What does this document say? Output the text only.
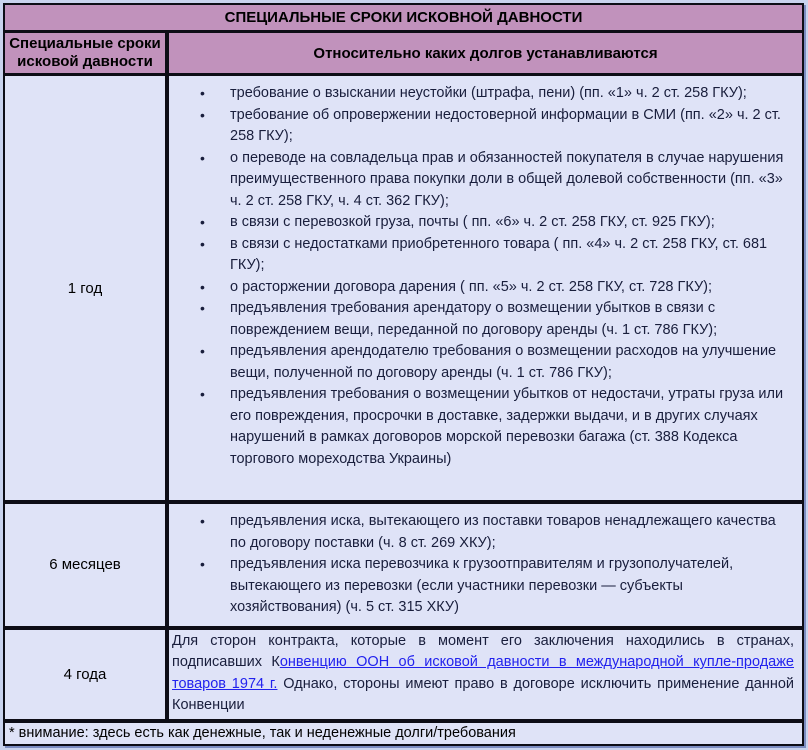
СПЕЦИАЛЬНЫЕ СРОКИ ИСКОВНОЙ ДАВНОСТИ
Специальные сроки исковой давности	Относительно каких долгов устанавливаются
1 год
• требование о взыскании неустойки (штрафа, пени) (пп. «1» ч. 2 ст. 258 ГКУ);
• требование об опровержении недостоверной информации в СМИ (пп. «2» ч. 2 ст. 258 ГКУ);
• о переводе на совладельца прав и обязанностей покупателя в случае нарушения преимущественного права покупки доли в общей долевой собственности (пп. «3» ч. 2 ст. 258 ГКУ, ч. 4 ст. 362 ГКУ);
• в связи с перевозкой груза, почты ( пп. «6» ч. 2 ст. 258 ГКУ, ст. 925 ГКУ);
• в связи с недостатками приобретенного товара ( пп. «4» ч. 2 ст. 258 ГКУ, ст. 681 ГКУ);
• о расторжении договора дарения ( пп. «5» ч. 2 ст. 258 ГКУ, ст. 728 ГКУ);
• предъявления требования арендатору о возмещении убытков в связи с повреждением вещи, переданной по договору аренды (ч. 1 ст. 786 ГКУ);
• предъявления арендодателю требования о возмещении расходов на улучшение вещи, полученной по договору аренды (ч. 1 ст. 786 ГКУ);
• предъявления требования о возмещении убытков от недостачи, утраты груза или его повреждения, просрочки в доставке, задержки выдачи, и в других случаях нарушений в рамках договоров морской перевозки багажа (ст. 388 Кодекса торгового мореходства Украины)
6 месяцев
• предъявления иска, вытекающего из поставки товаров ненадлежащего качества по договору поставки (ч. 8 ст. 269 ХКУ);
• предъявления иска перевозчика к грузоотправителям и грузополучателей, вытекающего из перевозки (если участники перевозки — субъекты хозяйствования) (ч. 5 ст. 315 ХКУ)
4 года
Для сторон контракта, которые в момент его заключения находились в странах, подписавших Конвенцию ООН об исковой давности в международной купле-продаже товаров 1974 г. Однако, стороны имеют право в договоре исключить применение данной Конвенции
* внимание: здесь есть как денежные, так и неденежные долги/требования
